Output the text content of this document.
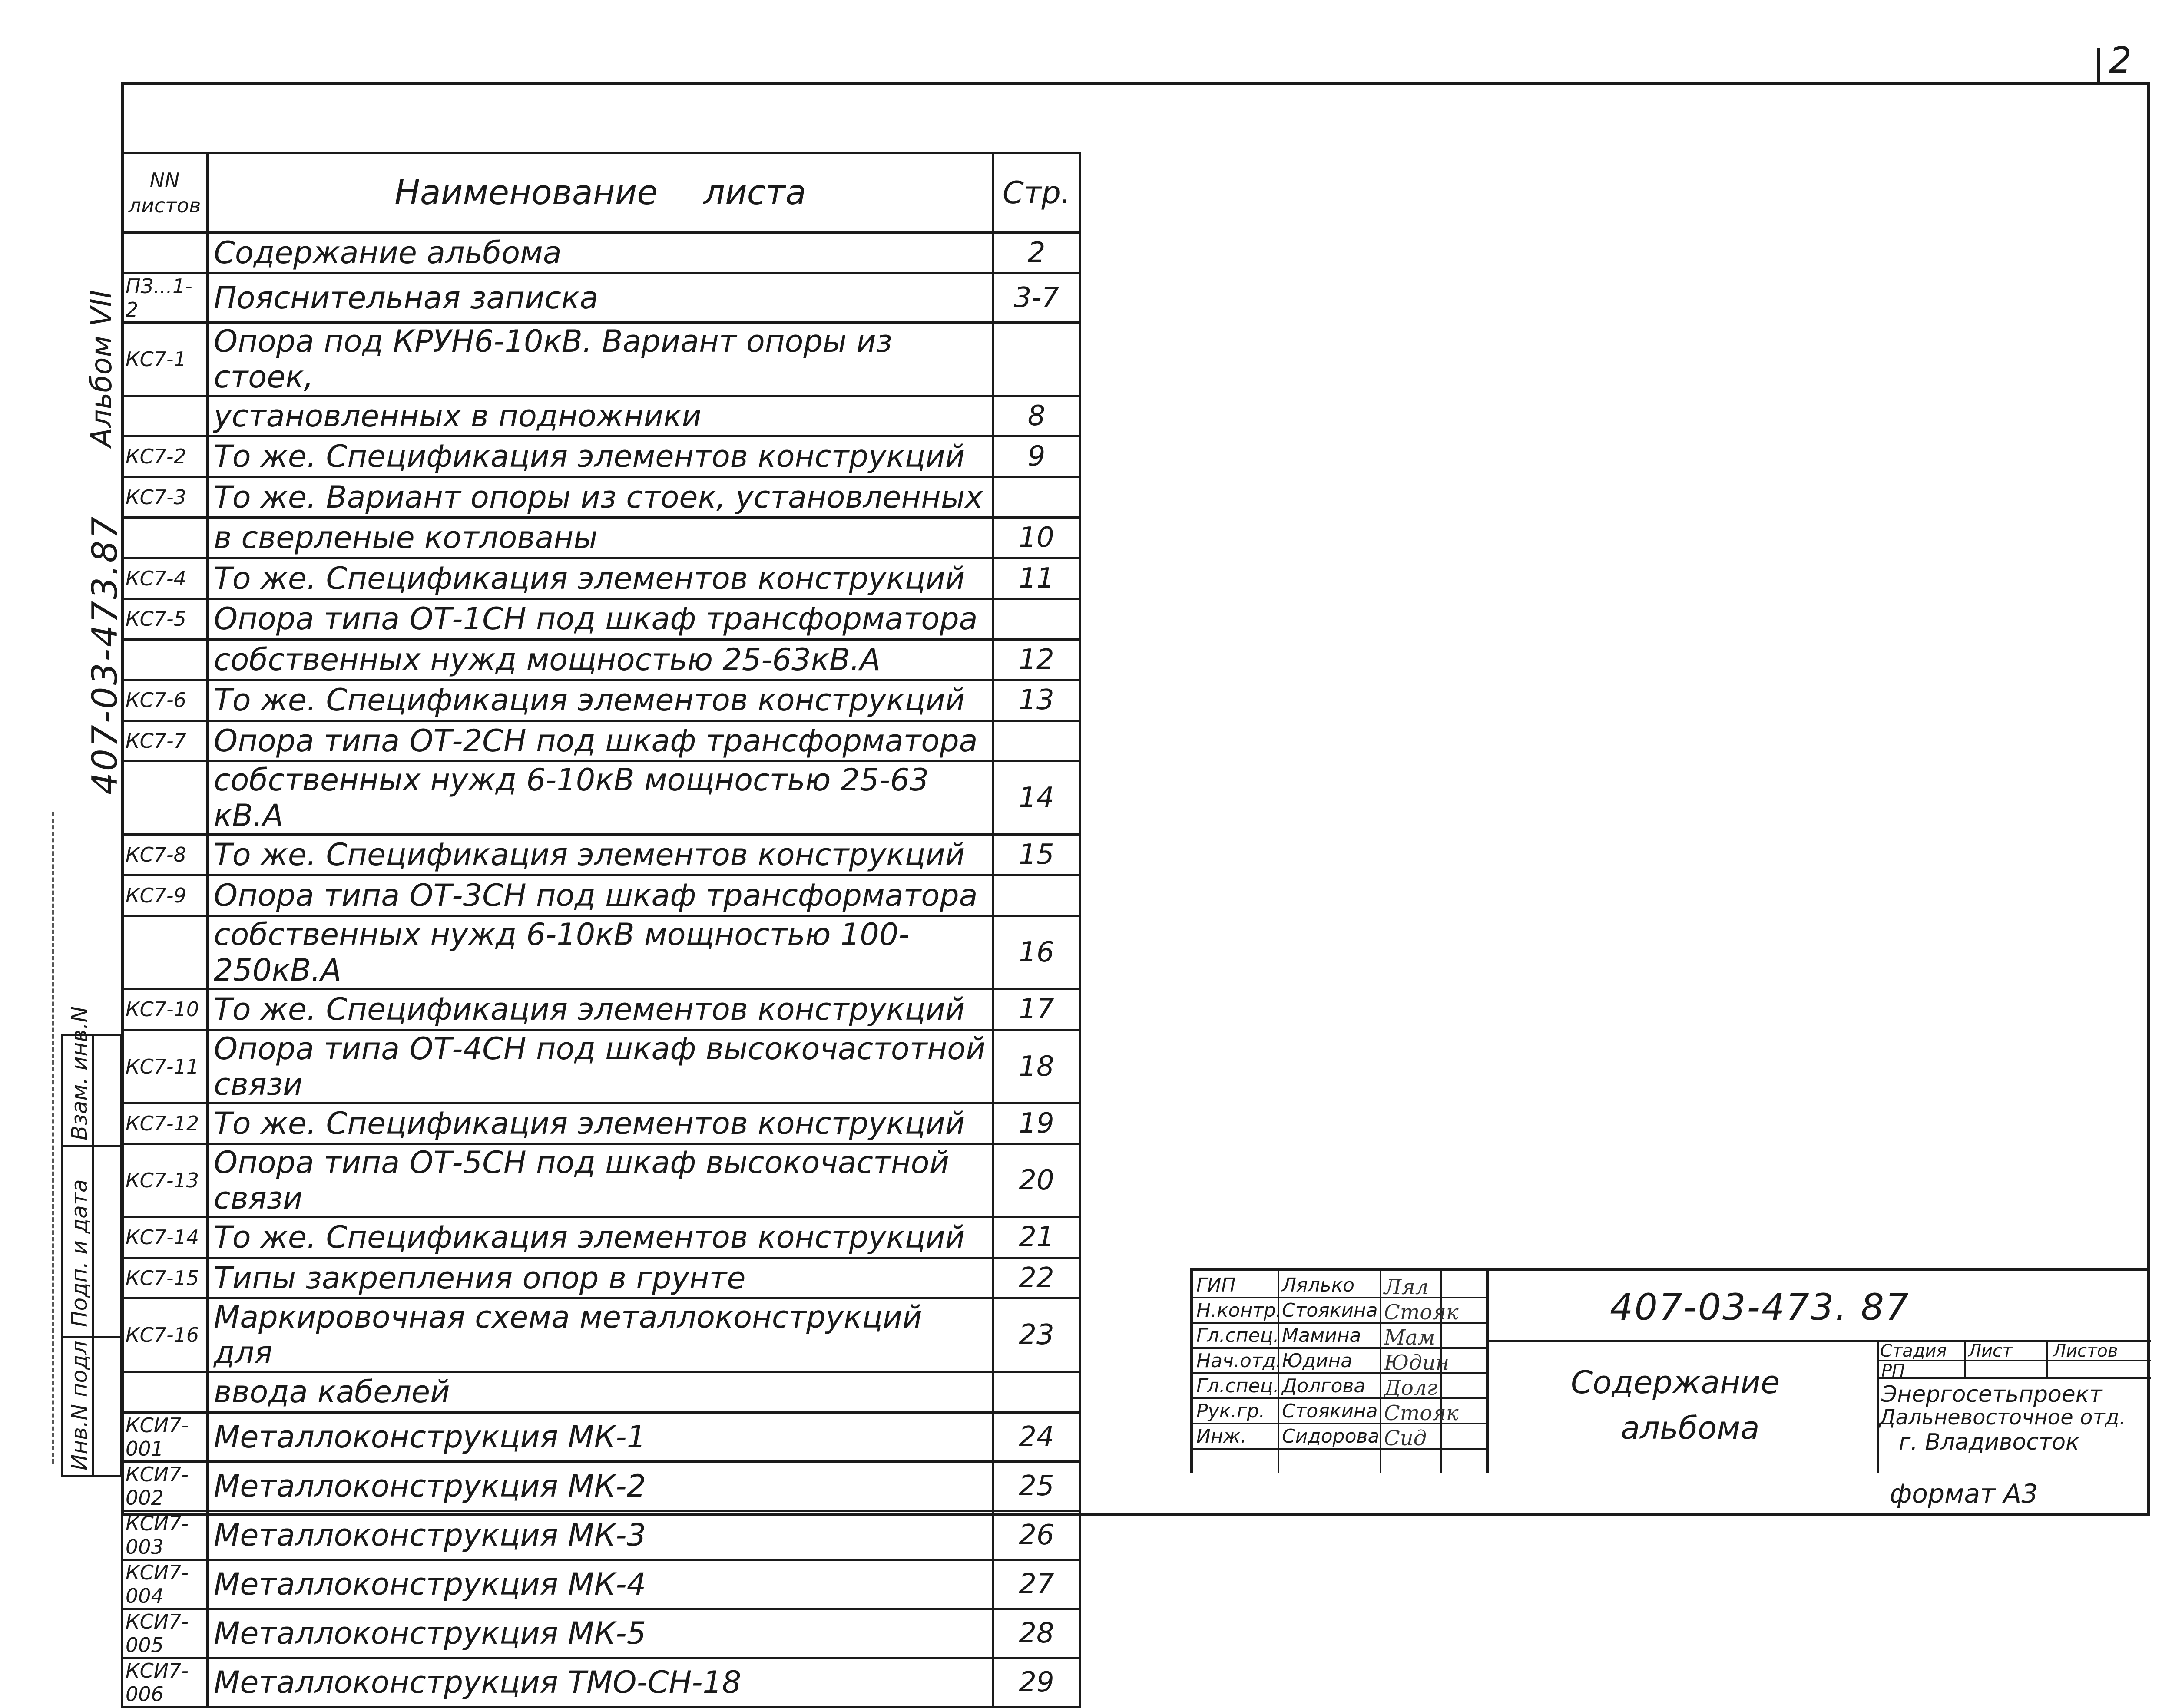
2
NN листов	Наименование листа	Стр.
	Содержание альбома	2
ПЗ...1-2	Пояснительная записка	3-7
КС7-1	Опора под КРУН6-10кВ. Вариант опоры из стоек,	
	установленных в подножники	8
КС7-2	То же. Спецификация элементов конструкций	9
КС7-3	То же. Вариант опоры из стоек, установленных	
	в сверленые котлованы	10
КС7-4	То же. Спецификация элементов конструкций	11
КС7-5	Опора типа ОТ-1СН под шкаф трансформатора	
	собственных нужд мощностью 25-63кВ.А	12
КС7-6	То же. Спецификация элементов конструкций	13
КС7-7	Опора типа ОТ-2СН под шкаф трансформатора	
	собственных нужд 6-10кВ мощностью 25-63 кВ.А	14
КС7-8	То же. Спецификация элементов конструкций	15
КС7-9	Опора типа ОТ-3СН под шкаф трансформатора	
	собственных нужд 6-10кВ мощностью 100-250кВ.А	16
КС7-10	То же. Спецификация элементов конструкций	17
КС7-11	Опора типа ОТ-4СН под шкаф высокочастотной связи	18
КС7-12	То же. Спецификация элементов конструкций	19
КС7-13	Опора типа ОТ-5СН под шкаф высокочастной связи	20
КС7-14	То же. Спецификация элементов конструкций	21
КС7-15	Типы закрепления опор в грунте	22
КС7-16	Маркировочная схема металлоконструкций для	23
	ввода кабелей	
КСИ7-001	Металлоконструкция МК-1	24
КСИ7-002	Металлоконструкция МК-2	25
КСИ7-003	Металлоконструкция МК-3	26
КСИ7-004	Металлоконструкция МК-4	27
КСИ7-005	Металлоконструкция МК-5	28
КСИ7-006	Металлоконструкция ТМО-СН-18	29
Альбом VII
407-03-473.87
Инв.N подл
Подп. и дата
Взам. инв.N
ГИП Лялько Лял
Н.контр. Стоякина Стояк
Гл.спец. Мамина Мам
Нач.отд. Юдина Юдин
Гл.спец. Долгова Долг
Рук.гр. Стоякина Стояк
Инж. Сидорова Сид
407-03-473. 87
Содержание
альбома
Стадия Лист Листов
РП
Энергосетьпроект
Дальневосточное отд.
г. Владивосток
формат А3
